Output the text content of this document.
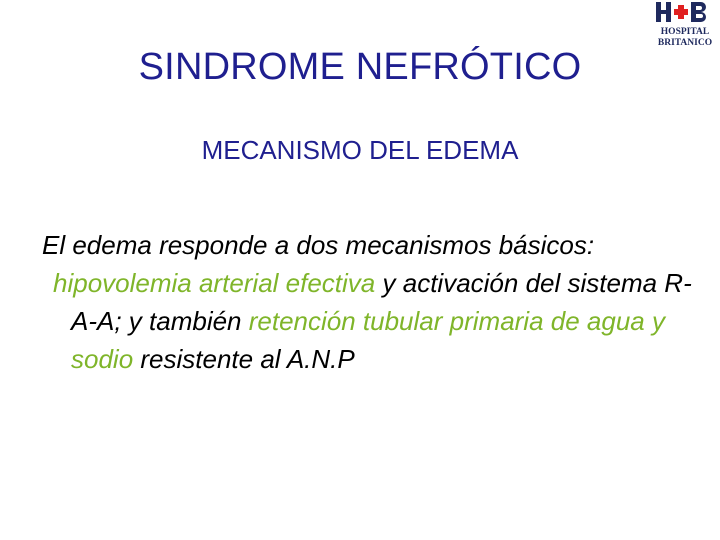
HOSPITAL
BRITANICO
SINDROME NEFRÓTICO
MECANISMO DEL EDEMA

El edema responde a dos mecanismos básicos:

hipovolemia arterial efectiva y activación del sistema R-A-A; y también retención tubular primaria de agua y sodio resistente al A.N.P
